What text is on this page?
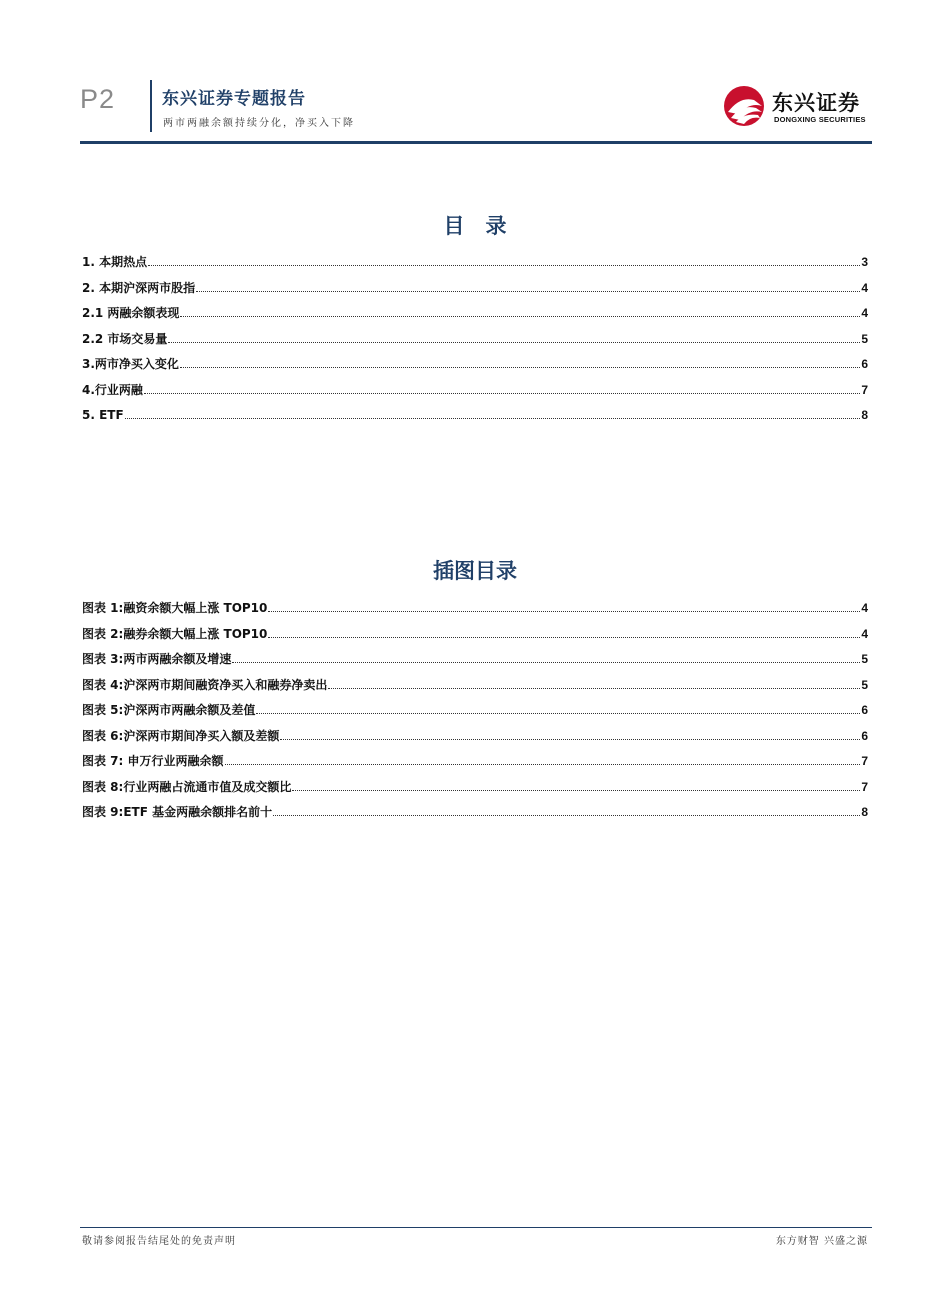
P2	东兴证券专题报告
两市两融余额持续分化，净买入下降
东兴证券
DONGXING SECURITIES
目　录
1. 本期热点	3
2. 本期沪深两市股指	4
2.1 两融余额表现	4
2.2 市场交易量	5
3.两市净买入变化	6
4.行业两融	7
5. ETF	8
插图目录
图表 1:融资余额大幅上涨 TOP10	4
图表 2:融券余额大幅上涨 TOP10	4
图表 3:两市两融余额及增速	5
图表 4:沪深两市期间融资净买入和融券净卖出	5
图表 5:沪深两市两融余额及差值	6
图表 6:沪深两市期间净买入额及差额	6
图表 7: 申万行业两融余额	7
图表 8:行业两融占流通市值及成交额比	7
图表 9:ETF 基金两融余额排名前十	8
敬请参阅报告结尾处的免责声明	东方财智 兴盛之源
